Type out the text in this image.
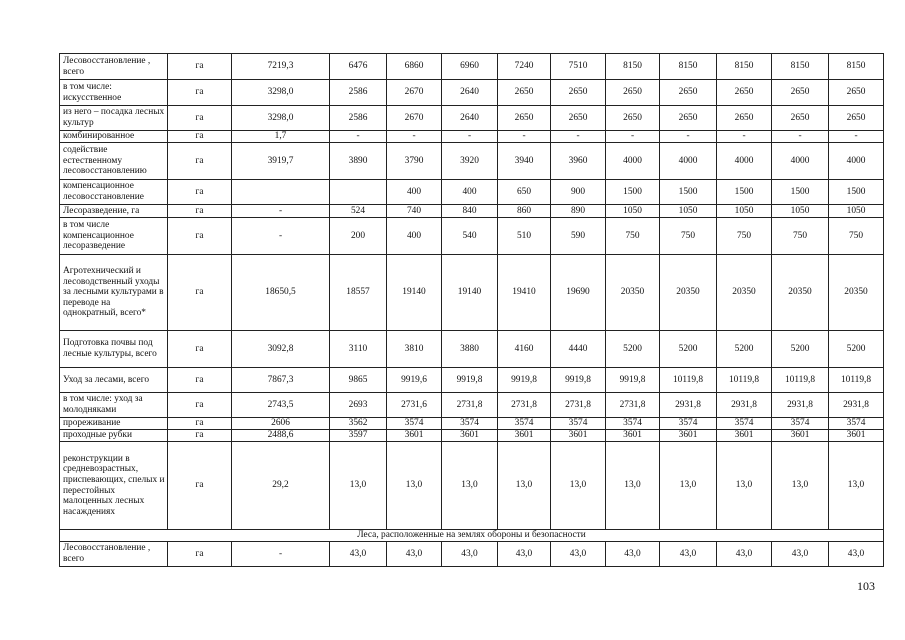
Лесовосстановление , всего	га	7219,3	6476	6860	6960	7240	7510	8150	8150	8150	8150	8150
в том числе: искусственное	га	3298,0	2586	2670	2640	2650	2650	2650	2650	2650	2650	2650
из него – посадка лесных культур	га	3298,0	2586	2670	2640	2650	2650	2650	2650	2650	2650	2650
комбинированное	га	1,7	-	-	-	-	-	-	-	-	-	-
содействие естественному лесовосстановлению	га	3919,7	3890	3790	3920	3940	3960	4000	4000	4000	4000	4000
компенсационное лесовосстановление	га			400	400	650	900	1500	1500	1500	1500	1500
Лесоразведение, га	га	-	524	740	840	860	890	1050	1050	1050	1050	1050
в том числе компенсационное лесоразведение	га	-	200	400	540	510	590	750	750	750	750	750
Агротехнический и лесоводственный уходы за лесными культурами в переводе на однократный, всего*	га	18650,5	18557	19140	19140	19410	19690	20350	20350	20350	20350	20350
Подготовка почвы под лесные культуры, всего	га	3092,8	3110	3810	3880	4160	4440	5200	5200	5200	5200	5200
Уход за лесами, всего	га	7867,3	9865	9919,6	9919,8	9919,8	9919,8	9919,8	10119,8	10119,8	10119,8	10119,8
в том числе: уход за молодняками	га	2743,5	2693	2731,6	2731,8	2731,8	2731,8	2731,8	2931,8	2931,8	2931,8	2931,8
прореживание	га	2606	3562	3574	3574	3574	3574	3574	3574	3574	3574	3574
проходные рубки	га	2488,6	3597	3601	3601	3601	3601	3601	3601	3601	3601	3601
реконструкции в средневозрастных, приспевающих, спелых и перестойных малоценных лесных насаждениях	га	29,2	13,0	13,0	13,0	13,0	13,0	13,0	13,0	13,0	13,0	13,0
Леса, расположенные на землях обороны и безопасности												
Лесовосстановление , всего	га	-	43,0	43,0	43,0	43,0	43,0	43,0	43,0	43,0	43,0	43,0
103
